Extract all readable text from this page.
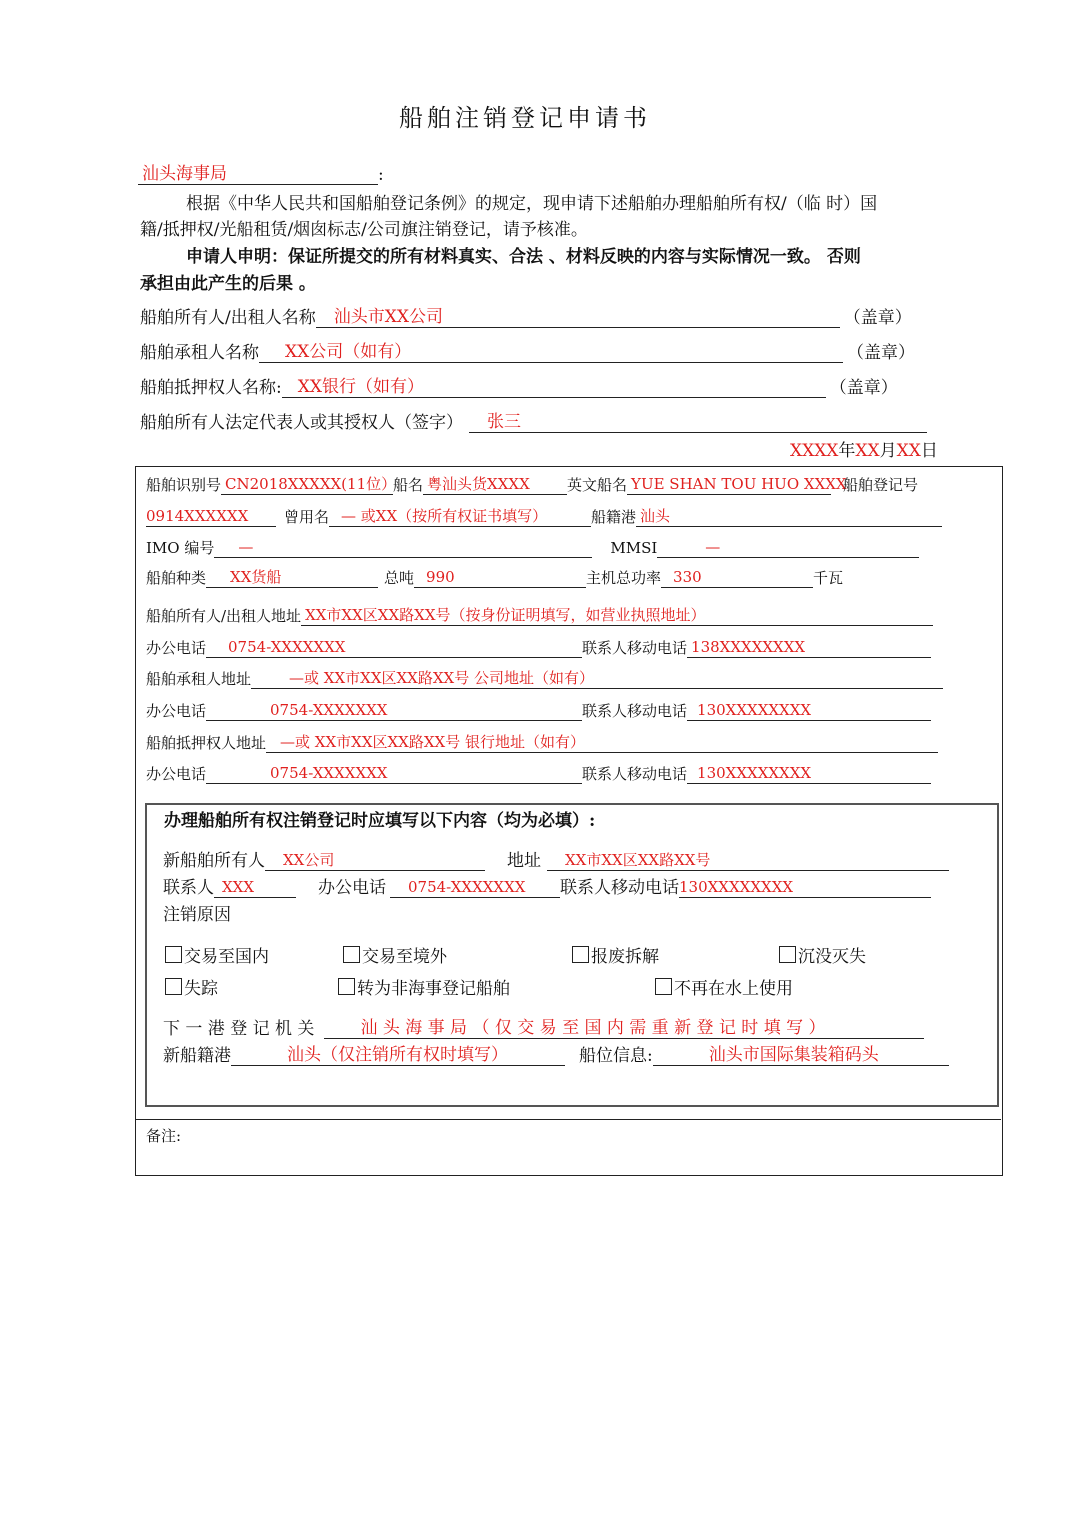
船舶注销登记申请书
汕头海事局	:
根据《中华人民共和国船舶登记条例》的规定，现申请下述船舶办理船舶所有权/（临 时）国
籍/抵押权/光船租赁/烟囱标志/公司旗注销登记，请予核准。
申请人申明：保证所提交的所有材料真实、合法 、材料反映的内容与实际情况一致。 否则
承担由此产生的后果 。
船舶所有人/出租人名称 汕头市XX公司	（盖章）
船舶承租人名称 XX公司（如有）	（盖章）
船舶抵押权人名称: XX银行（如有）	（盖章）
船舶所有人法定代表人或其授权人（签字） 张三
XXXX年XX月XX日
船舶识别号 CN2018XXXXX(11位）船名 粤汕头货XXXX 英文船名 YUE SHAN TOU HUO XXXX船舶登记号
0914XXXXXX 曾用名 — 或XX（按所有权证书填写）	船籍港 汕头
IMO 编号 —	MMSI	—
船舶种类 XX货船	总吨 990	主机总功率 330	千瓦
船舶所有人/出租人地址 XX市XX区XX路XX号（按身份证明填写，如营业执照地址）
办公电话 0754-XXXXXXX	联系人移动电话 138XXXXXXXX
船舶承租人地址	—或 XX市XX区XX路XX号 公司地址（如有）
办公电话	0754-XXXXXXX	联系人移动电话 130XXXXXXXX
船舶抵押权人地址 —或 XX市XX区XX路XX号 银行地址（如有）
办公电话	0754-XXXXXXX	联系人移动电话 130XXXXXXXX
办理船舶所有权注销登记时应填写以下内容（均为必填）:
新船舶所有人 XX公司	地址 XX市XX区XX路XX号
联系人 XXX	办公电话 0754-XXXXXXX 联系人移动电话130XXXXXXXX
注销原因
交易至国内	交易至境外	报废拆解	沉没灭失
失踪	转为非海事登记船舶	不再在水上使用
下 一 港 登 记 机 关	汕 头 海 事 局 （ 仅 交 易 至 国 内 需 重 新 登 记 时 填 写 ）
新船籍港	汕头（仅注销所有权时填写）	船位信息:	汕头市国际集装箱码头
备注:
